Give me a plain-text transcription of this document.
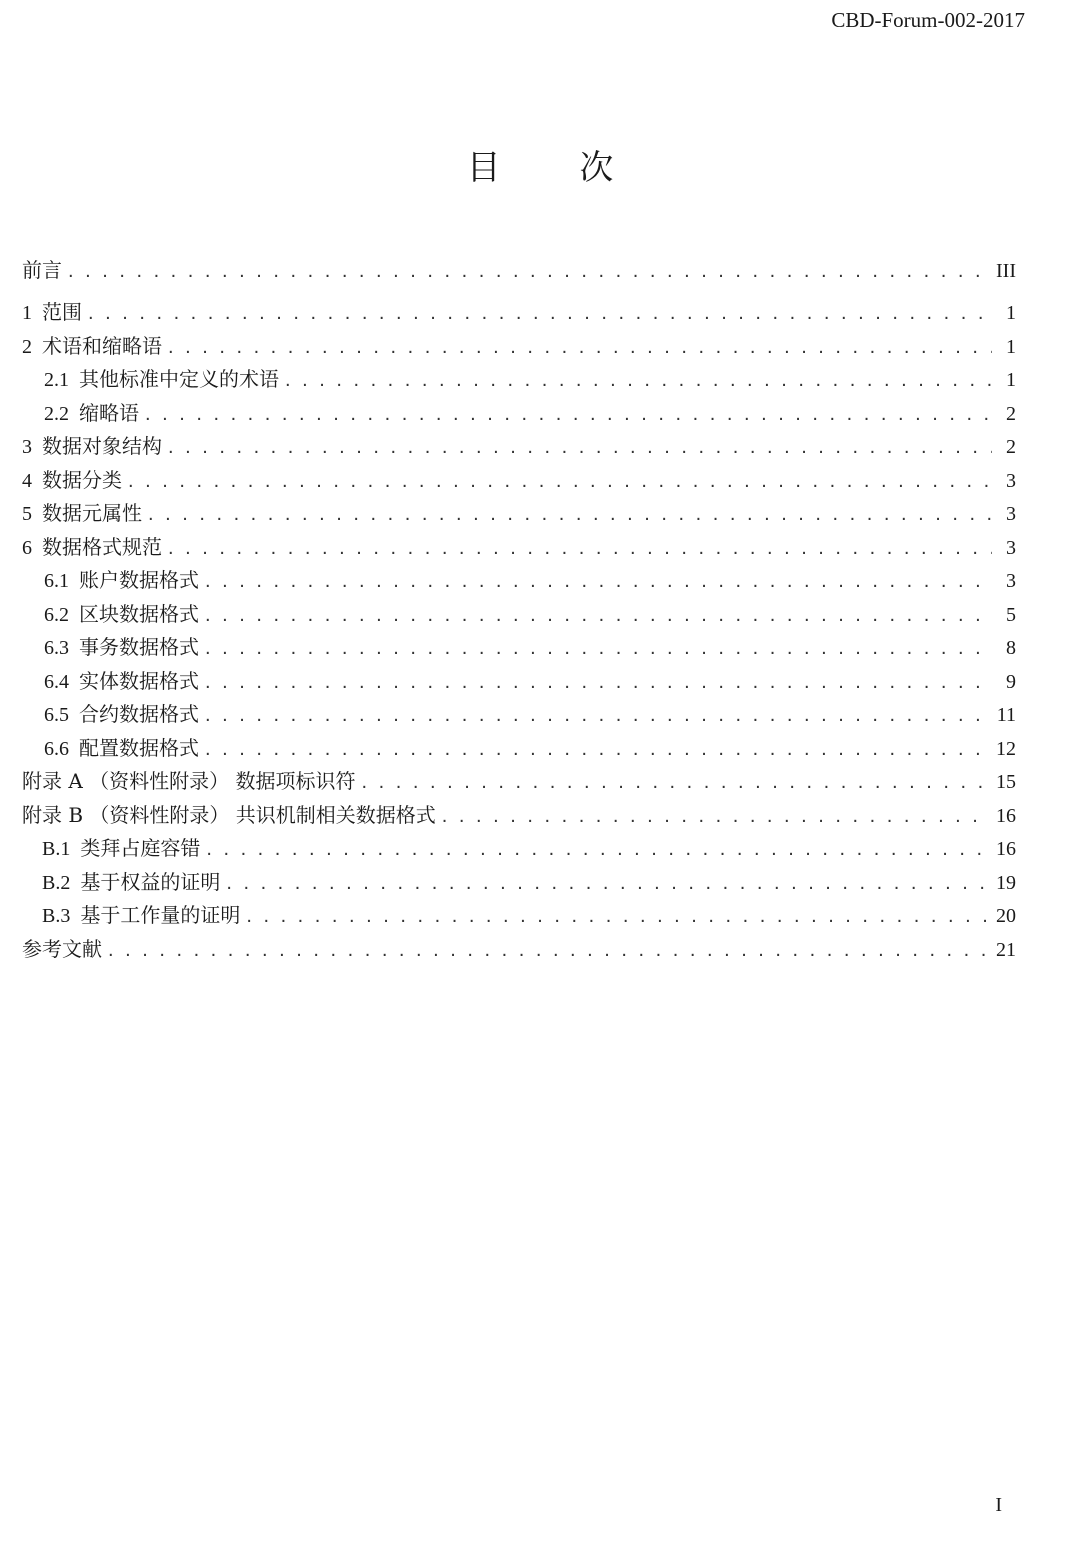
CBD-Forum-002-2017
目 次
前言 . . .	III
1 范围 . . .	1
2 术语和缩略语 . . .	1
2.1 其他标准中定义的术语 . . .	1
2.2 缩略语 . . .	2
3 数据对象结构 . . .	2
4 数据分类 . . .	3
5 数据元属性 . . .	3
6 数据格式规范 . . .	3
6.1 账户数据格式 . . .	3
6.2 区块数据格式 . . .	5
6.3 事务数据格式 . . .	8
6.4 实体数据格式 . . .	9
6.5 合约数据格式 . . .	11
6.6 配置数据格式 . . .	12
附录 A （资料性附录） 数据项标识符 . . .	15
附录 B （资料性附录） 共识机制相关数据格式 . . .	16
B.1 类拜占庭容错 . . .	16
B.2 基于权益的证明 . . .	19
B.3 基于工作量的证明 . . .	20
参考文献 . . .	21
I
